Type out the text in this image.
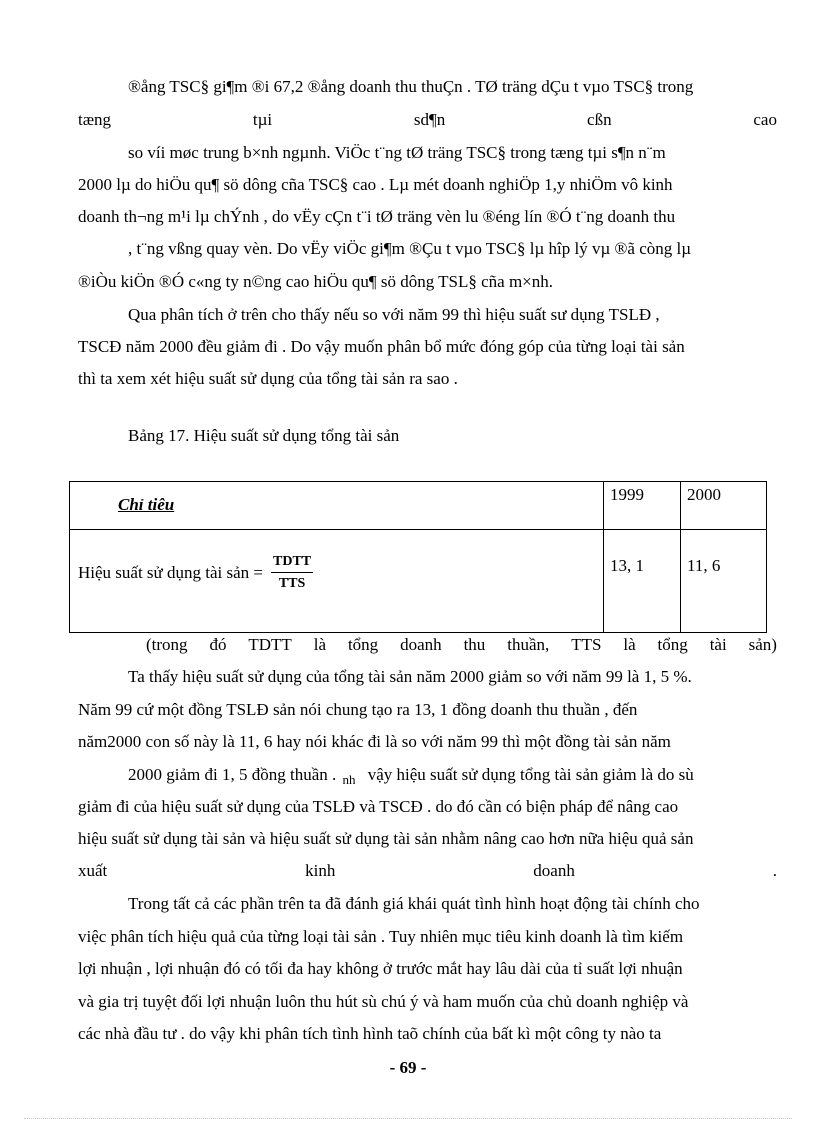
®ång TSC§ gi¶m ®i 67,2 ®ång doanh thu thuÇn . TØ träng dÇu t vµo TSC§ trong
tæng	tµi	sd¶n	cßn	cao
so víi møc trung b×nh ngµnh. ViÖc t¨ng tØ träng TSC§ trong tæng tµi s¶n n¨m
2000 lµ do hiÖu qu¶ sö dông cña TSC§ cao . Lµ mét doanh nghiÖp 1,y nhiÖm vô kinh
doanh th¬ng m¹i lµ chÝnh , do vËy cÇn t¨i tØ träng vèn lu ®éng lín ®Ó t¨ng doanh thu
, t¨ng vßng quay vèn. Do vËy viÖc gi¶m ®Çu t vµo TSC§ lµ hîp lý vµ ®ã còng lµ
®iÒu kiÖn ®Ó c«ng ty n©ng cao hiÖu qu¶ sö dông TSL§ cña m×nh.
Qua phân tích ở trên cho thấy nếu so với năm 99 thì hiệu suất sư dụng TSLĐ ,
TSCĐ năm 2000 đều giảm đi . Do vậy muốn phân bổ mức đóng góp của từng loại tài sản
thì ta xem xét hiệu suất sử dụng của tổng tài sản ra sao .
Bảng 17. Hiệu suất sử dụng tổng tài sản
Chỉ tiêu	1999	2000

Hiệu suất sử dụng tài sản = $\frac{\text{TDTT}}{\text{TTS}}$	13, 1	11, 6
(trong đó TDTT là tổng doanh thu thuần, TTS là tổng tài sản)
Ta thấy hiệu suất sử dụng của tổng tài sản năm 2000 giảm so với năm 99 là 1, 5 %.
Năm 99 cứ một đồng TSLĐ sản nói chung tạo ra 13, 1 đồng doanh thu thuần , đến
năm2000 con số này là 11, 6 hay nói khác đi là so với năm 99 thì một đồng tài sản năm
2000 giảm đi 1, 5 đồng thuần . nh vậy hiệu suất sử dụng tổng tài sản giảm là do sù
giảm đi của hiệu suất sử dụng của TSLĐ và TSCĐ . do đó cần có biện pháp để nâng cao
hiệu suất sử dụng tài sản và hiệu suất sử dụng tài sản nhằm nâng cao hơn nữa hiệu quả sản
xuất	kinh	doanh	.
Trong tất cả các phần trên ta đã đánh giá khái quát tình hình hoạt động tài chính cho
việc phân tích hiệu quả của từng loại tài sản . Tuy nhiên mục tiêu kinh doanh là tìm kiếm
lợi nhuận , lợi nhuận đó có tối đa hay không ở trước mắt hay lâu dài của tỉ suất lợi nhuận
và gia trị tuyệt đối lợi nhuận luôn thu hút sù chú ý và ham muốn của chủ doanh nghiệp và
các nhà đầu tư . do vậy khi phân tích tình hình taõ chính của bất kì một công ty nào ta
- 69 -
